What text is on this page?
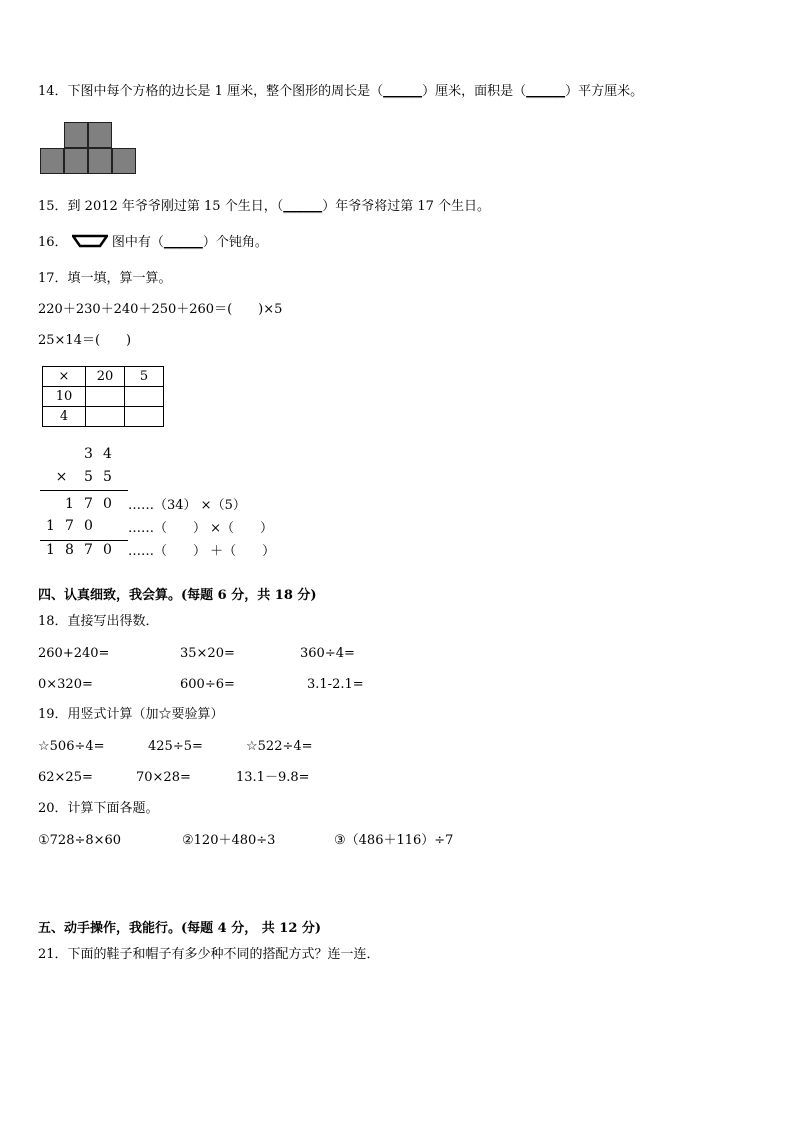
14．下图中每个方格的边长是 1 厘米，整个图形的周长是（______）厘米，面积是（______）平方厘米。
15．到 2012 年爷爷刚过第 15 个生日，（______）年爷爷将过第 17 个生日。
16．	图中有（______）个钝角。
17．填一填，算一算。
220＋230＋240＋250＋260＝(　　)×5
25×14＝(　　)
×	20	5
10		
4		
3 4
× 5 5
1 7 0	……（34） ×（5）
1 7 0	……（　　） ×（　　）
1 8 7 0	……（　　） ＋（　　）
四、认真细致，我会算。(每题 6 分，共 18 分)
18．直接写出得数．
260+240=	35×20=	360÷4=
0×320=	600÷6=	3.1-2.1=
19．用竖式计算（加☆要验算）
☆506÷4=	425÷5=	☆522÷4=
62×25=	70×28=	13.1－9.8=
20．计算下面各题。
①728÷8×60	②120＋480÷3	③（486＋116）÷7
五、动手操作，我能行。(每题 4 分， 共 12 分)
21．下面的鞋子和帽子有多少种不同的搭配方式？连一连．
